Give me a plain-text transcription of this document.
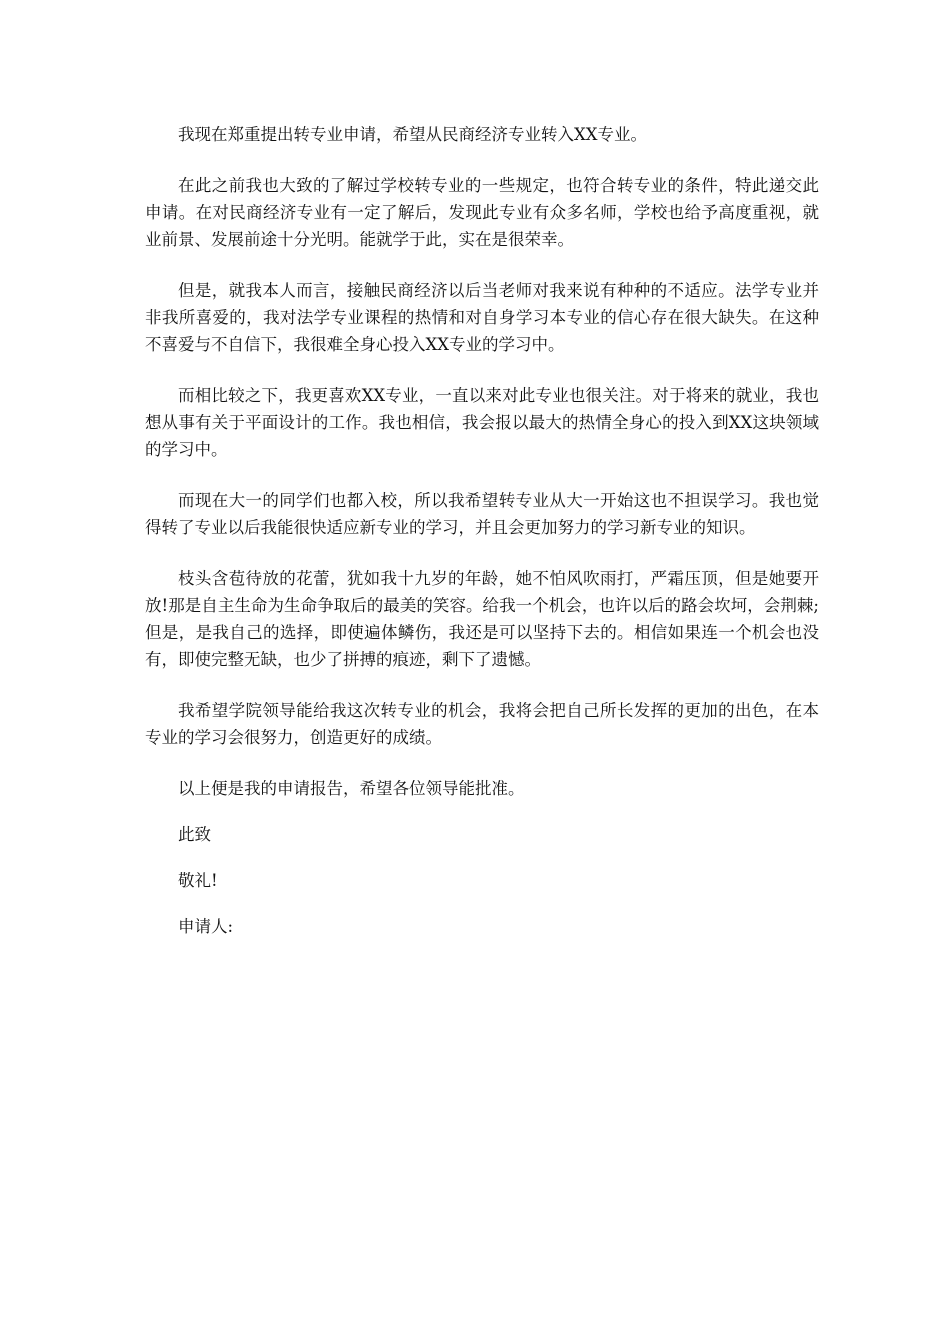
我现在郑重提出转专业申请，希望从民商经济专业转入XX专业。

在此之前我也大致的了解过学校转专业的一些规定，也符合转专业的条件，特此递交此申请。在对民商经济专业有一定了解后，发现此专业有众多名师，学校也给予高度重视，就业前景、发展前途十分光明。能就学于此，实在是很荣幸。

但是，就我本人而言，接触民商经济以后当老师对我来说有种种的不适应。法学专业并非我所喜爱的，我对法学专业课程的热情和对自身学习本专业的信心存在很大缺失。在这种不喜爱与不自信下，我很难全身心投入XX专业的学习中。

而相比较之下，我更喜欢XX专业，一直以来对此专业也很关注。对于将来的就业，我也想从事有关于平面设计的工作。我也相信，我会报以最大的热情全身心的投入到XX这块领域的学习中。

而现在大一的同学们也都入校，所以我希望转专业从大一开始这也不担误学习。我也觉得转了专业以后我能很快适应新专业的学习，并且会更加努力的学习新专业的知识。

枝头含苞待放的花蕾，犹如我十九岁的年龄，她不怕风吹雨打，严霜压顶，但是她要开放!那是自主生命为生命争取后的最美的笑容。给我一个机会，也许以后的路会坎坷，会荆棘;但是，是我自己的选择，即使遍体鳞伤，我还是可以坚持下去的。相信如果连一个机会也没有，即使完整无缺，也少了拼搏的痕迹，剩下了遗憾。

我希望学院领导能给我这次转专业的机会，我将会把自己所长发挥的更加的出色，在本专业的学习会很努力，创造更好的成绩。

以上便是我的申请报告，希望各位领导能批准。

此致

敬礼!

申请人:
